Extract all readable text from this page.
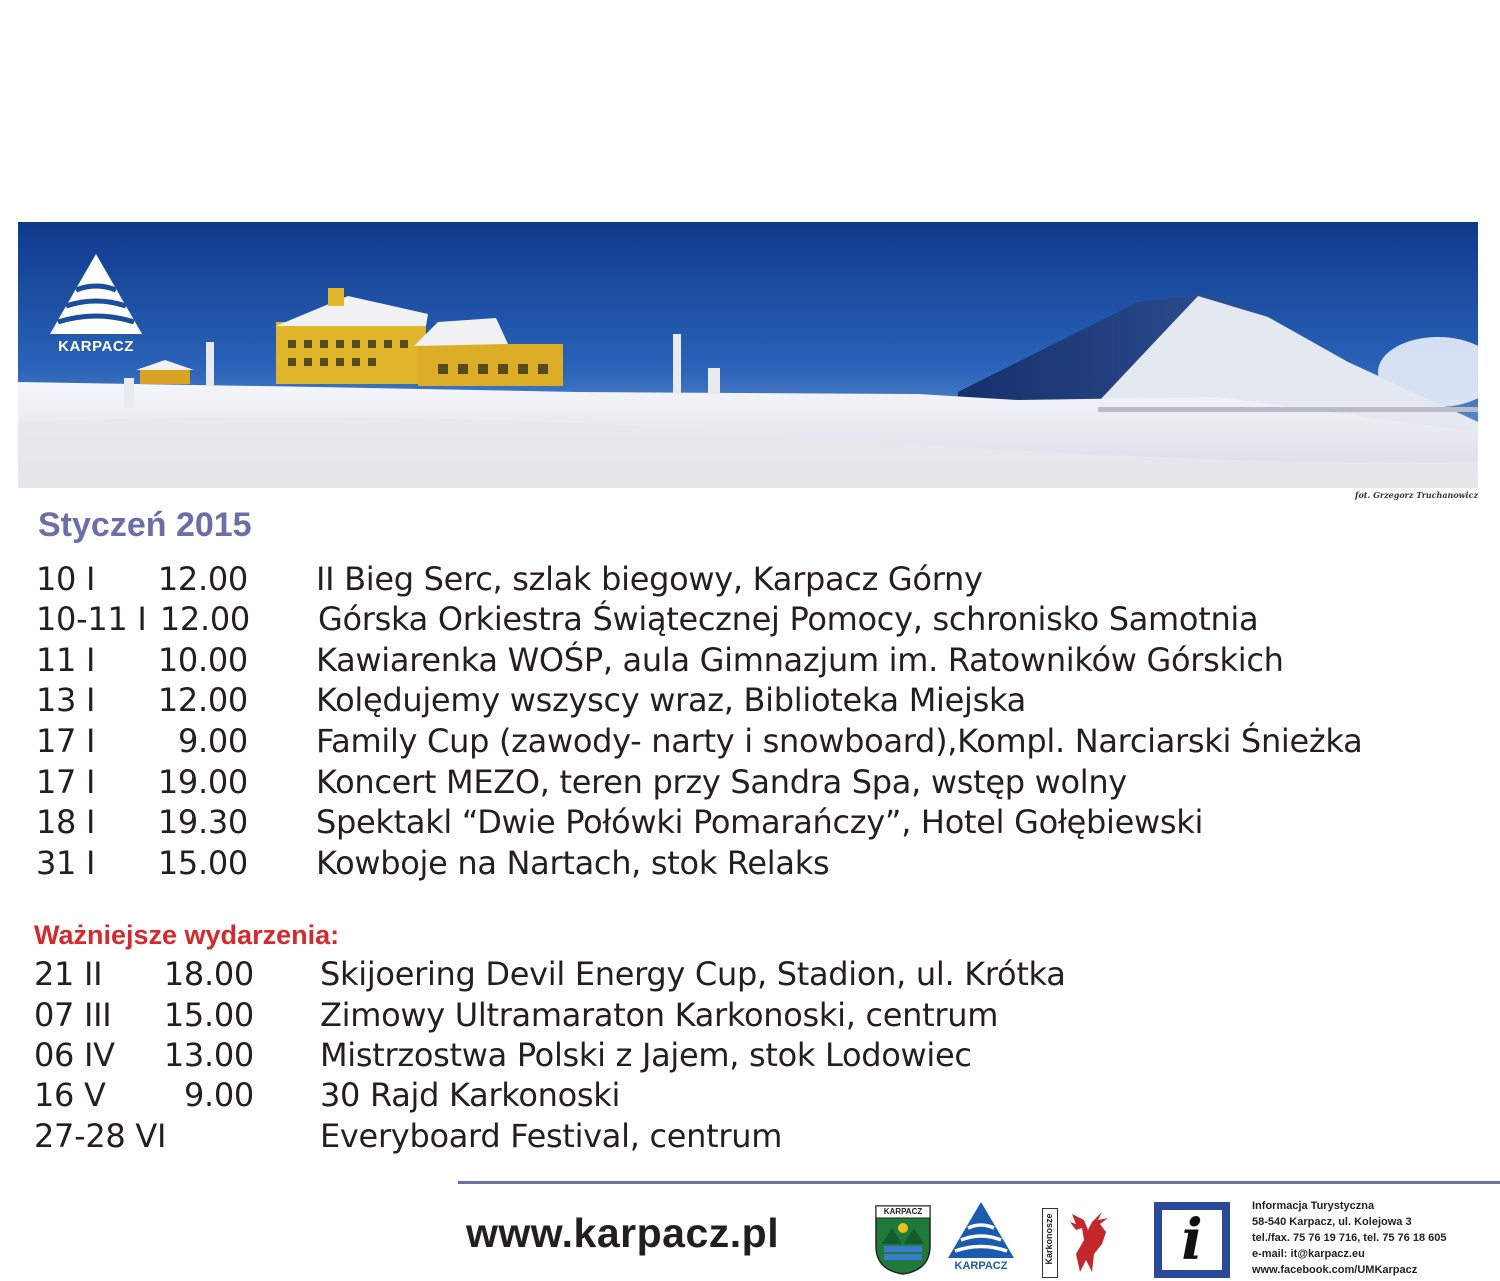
KARPACZ
fot. Grzegorz Truchanowicz
Styczeń 2015
10 I	12.00 II Bieg Serc, szlak biegowy, Karpacz Górny
10-11 I 12.00 Górska Orkiestra Świątecznej Pomocy, schronisko Samotnia
11 I	10.00 Kawiarenka WOŚP, aula Gimnazjum im. Ratowników Górskich
13 I	12.00 Kolędujemy wszyscy wraz, Biblioteka Miejska
17 I	9.00 Family Cup (zawody- narty i snowboard),Kompl. Narciarski Śnieżka
17 I	19.00 Koncert MEZO, teren przy Sandra Spa, wstęp wolny
18 I	19.30 Spektakl “Dwie Połówki Pomarańczy”, Hotel Gołębiewski
31 I	15.00 Kowboje na Nartach, stok Relaks
Ważniejsze wydarzenia:
21 II	18.00 Skijoering Devil Energy Cup, Stadion, ul. Krótka
07 III	15.00 Zimowy Ultramaraton Karkonoski, centrum
06 IV	13.00 Mistrzostwa Polski z Jajem, stok Lodowiec
16 V	9.00 30 Rajd Karkonoski
27-28 VI	Everyboard Festival, centrum
www.karpacz.pl	KARPACZ
KARPACZ
Karkonosze	i
Informacja Turystyczna
58-540 Karpacz, ul. Kolejowa 3
tel./fax. 75 76 19 716, tel. 75 76 18 605
e-mail: it@karpacz.eu
www.facebook.com/UMKarpacz
